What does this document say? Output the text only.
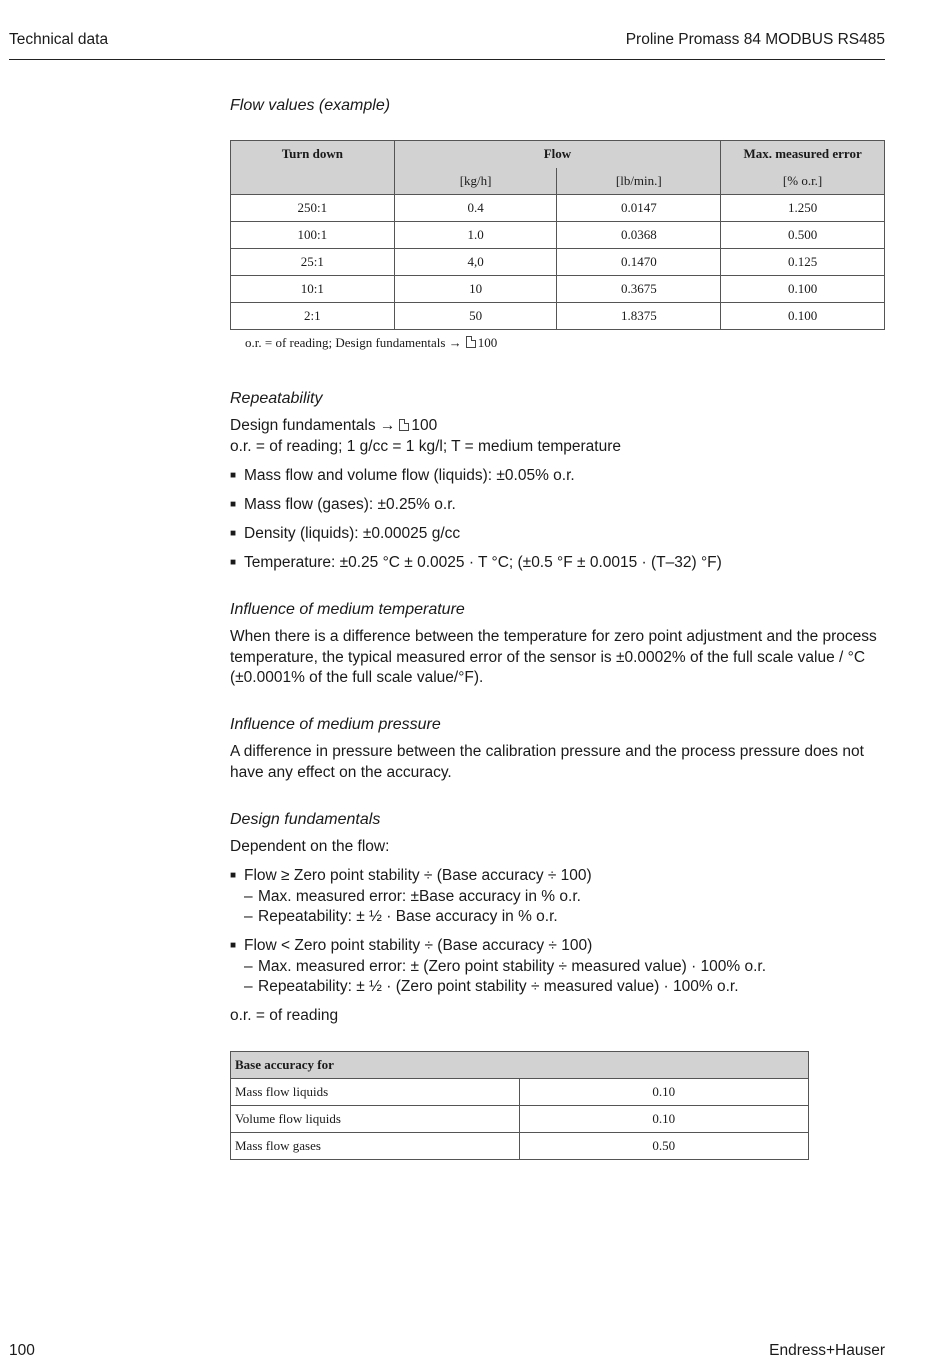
Technical data	Proline Promass 84 MODBUS RS485
Flow values (example)
Turn down	Flow		Max. measured error
	[kg/h]	[lb/min.]	[% o.r.]
250:1	0.4	0.0147	1.250
100:1	1.0	0.0368	0.500
25:1	4,0	0.1470	0.125
10:1	10	0.3675	0.100
2:1	50	1.8375	0.100
o.r. = of reading; Design fundamentals → 100
Repeatability

Design fundamentals → 100

o.r. = of reading; 1 g/cc = 1 kg/l; T = medium temperature

■ Mass flow and volume flow (liquids): ±0.05% o.r.
■ Mass flow (gases): ±0.25% o.r.
■ Density (liquids): ±0.00025 g/cc
■ Temperature: ±0.25 °C ± 0.0025 · T °C; (±0.5 °F ± 0.0015 · (T–32) °F)
Influence of medium temperature

When there is a difference between the temperature for zero point adjustment and the process temperature, the typical measured error of the sensor is ±0.0002% of the full scale value / °C (±0.0001% of the full scale value/°F).

Influence of medium pressure

A difference in pressure between the calibration pressure and the process pressure does not have any effect on the accuracy.

Design fundamentals

Dependent on the flow:

■ Flow ≥ Zero point stability ÷ (Base accuracy ÷ 100)
– Max. measured error: ±Base accuracy in % o.r.
– Repeatability: ± ½ · Base accuracy in % o.r.
■ Flow < Zero point stability ÷ (Base accuracy ÷ 100)
– Max. measured error: ± (Zero point stability ÷ measured value) · 100% o.r.
– Repeatability: ± ½ · (Zero point stability ÷ measured value) · 100% o.r.

o.r. = of reading

Base accuracy for	
Mass flow liquids	0.10
Volume flow liquids	0.10
Mass flow gases	0.50
100	Endress+Hauser
